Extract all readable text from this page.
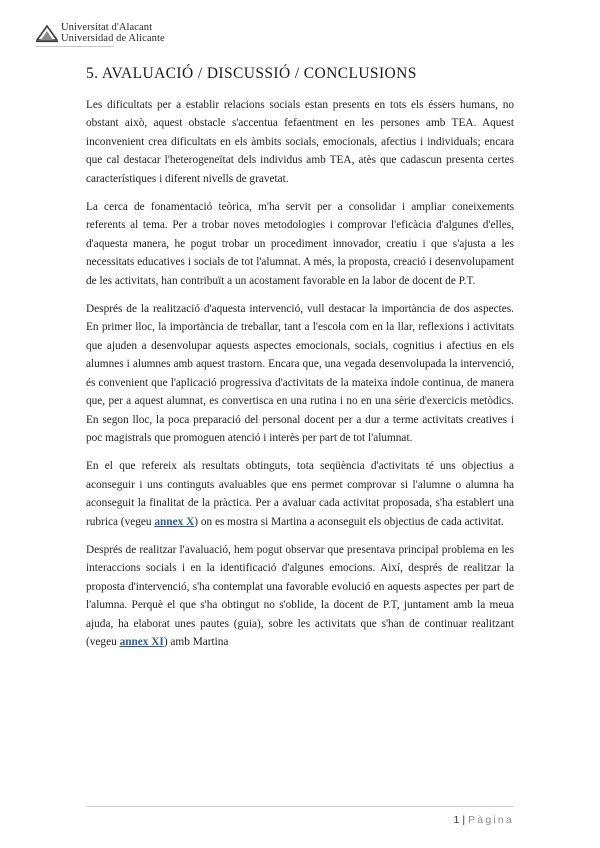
Universitat d'Alacant
Universidad de Alicante
5. AVALUACIÓ / DISCUSSIÓ / CONCLUSIONS

Les dificultats per a establir relacions socials estan presents en tots els éssers humans, no obstant això, aquest obstacle s'accentua fefaentment en les persones amb TEA. Aquest inconvenient crea dificultats en els àmbits socials, emocionals, afectius i individuals; encara que cal destacar l'heterogeneïtat dels individus amb TEA, atès que cadascun presenta certes característiques i diferent nivells de gravetat.

La cerca de fonamentació teòrica, m'ha servit per a consolidar i ampliar coneixements referents al tema. Per a trobar noves metodologies i comprovar l'eficàcia d'algunes d'elles, d'aquesta manera, he pogut trobar un procediment innovador, creatiu i que s'ajusta a les necessitats educatives i socials de tot l'alumnat. A més, la proposta, creació i desenvolupament de les activitats, han contribuït a un acostament favorable en la labor de docent de P.T.

Després de la realització d'aquesta intervenció, vull destacar la importància de dos aspectes. En primer lloc, la importància de treballar, tant a l'escola com en la llar, reflexions i activitats que ajuden a desenvolupar aquests aspectes emocionals, socials, cognitius i afectius en els alumnes i alumnes amb aquest trastorn. Encara que, una vegada desenvolupada la intervenció, és convenient que l'aplicació progressiva d'activitats de la mateixa índole continua, de manera que, per a aquest alumnat, es convertisca en una rutina i no en una sèrie d'exercicis metòdics. En segon lloc, la poca preparació del personal docent per a dur a terme activitats creatives i poc magistrals que promoguen atenció i interès per part de tot l'alumnat.

En el que refereix als resultats obtinguts, tota seqüència d'activitats té uns objectius a aconseguir i uns continguts avaluables que ens permet comprovar si l'alumne o alumna ha aconseguit la finalitat de la pràctica. Per a avaluar cada activitat proposada, s'ha establert una rubrica (vegeu annex X) on es mostra si Martina a aconseguit els objectius de cada activitat.

Després de realitzar l'avaluació, hem pogut observar que presentava principal problema en les interaccions socials i en la identificació d'algunes emocions. Així, després de realitzar la proposta d'intervenció, s'ha contemplat una favorable evolució en aquests aspectes per part de l'alumna. Perquè el que s'ha obtingut no s'oblide, la docent de P.T, juntament amb la meua ajuda, ha elaborat unes pautes (guia), sobre les activitats que s'han de continuar realitzant (vegeu annex XI) amb Martina

1 | Pàgina
